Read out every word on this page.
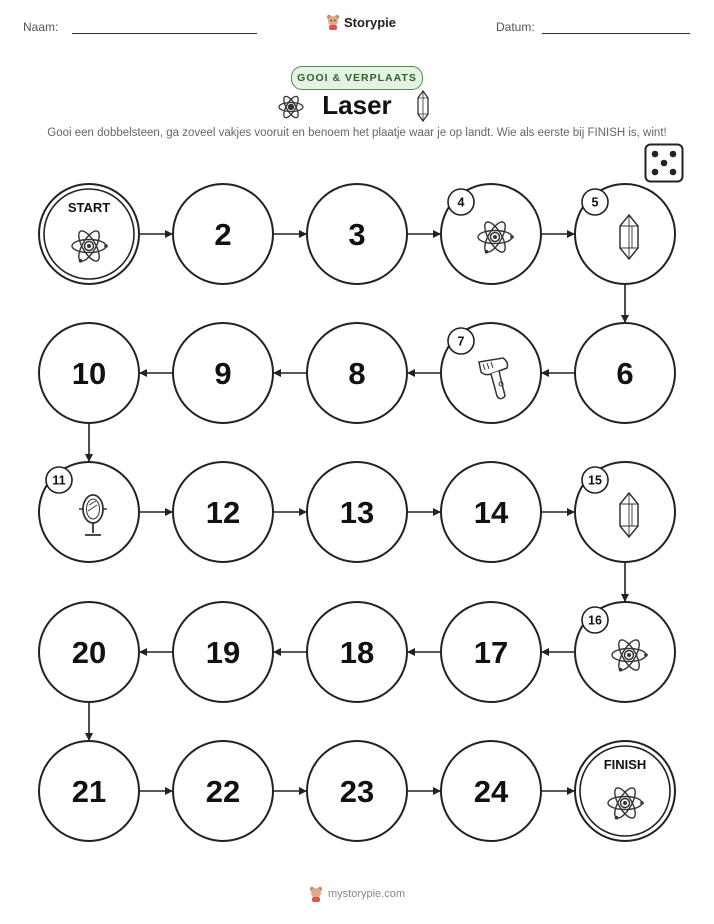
Naam:	Storypie	Datum:
GOOI & VERPLAATS
Laser
Gooi een dobbelsteen, ga zoveel vakjes vooruit en benoem het plaatje waar je op landt. Wie als eerste bij FINISH is, wint!
START
2	3
4	5
6
7
8
9
10
11
12	13	14
15
16
17
18
19
20
21	22	23	24
FINISH
mystorypie.com
